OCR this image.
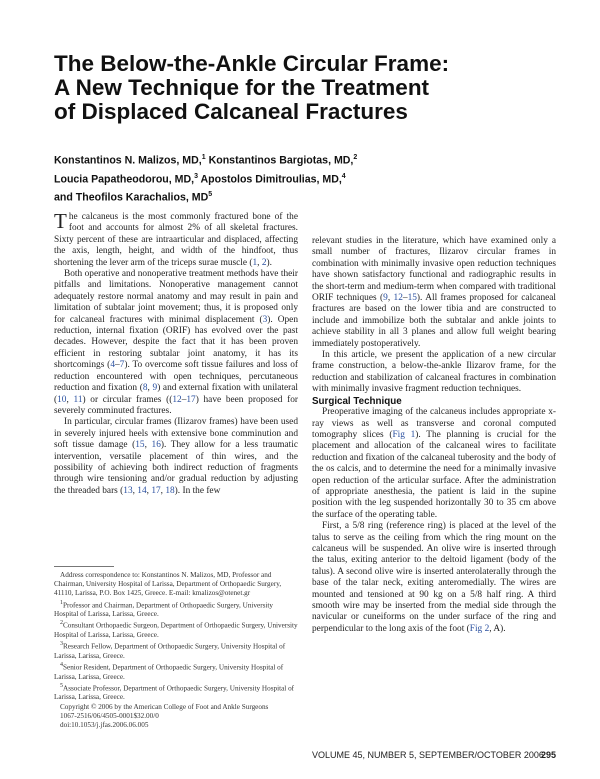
The Below-the-Ankle Circular Frame:
A New Technique for the Treatment
of Displaced Calcaneal Fractures
Konstantinos N. Malizos, MD,$^1$ Konstantinos Bargiotas, MD,$^2$
Loucia Papatheodorou, MD,$^3$ Apostolos Dimitroulias, MD,$^4$
and Theofilos Karachalios, $MD^5$

The calcaneus is the most commonly fractured bone of the foot and accounts for almost 2% of all skeletal fractures. Sixty percent of these are intraarticular and displaced, affecting the axis, length, height, and width of the hindfoot, thus shortening the lever arm of the triceps surae muscle (1, 2).

Both operative and nonoperative treatment methods have their pitfalls and limitations. Nonoperative management cannot adequately restore normal anatomy and may result in pain and limitation of subtalar joint movement; thus, it is proposed only for calcaneal fractures with minimal displacement (3). Open reduction, internal fixation (ORIF) has evolved over the past decades. However, despite the fact that it has been proven efficient in restoring subtalar joint anatomy, it has its shortcomings (4–7). To overcome soft tissue failures and loss of reduction encountered with open techniques, percutaneous reduction and fixation (8, 9) and external fixation with unilateral (10, 11) or circular frames ((12–17) have been proposed for severely comminuted fractures.

In particular, circular frames (Ilizarov frames) have been used in severely injured heels with extensive bone comminution and soft tissue damage (15, 16). They allow for a less traumatic intervention, versatile placement of thin wires, and the possibility of achieving both indirect reduction of fragments through wire tensioning and/or gradual reduction by adjusting the threaded bars (13, 14, 17, 18). In the few

Address correspondence to: Konstantinos N. Malizos, MD, Professor and Chairman, University Hospital of Larissa, Department of Orthopaedic Surgery, 41110, Larissa, P.O. Box 1425, Greece. E-mail: kmalizos@otenet.gr

$^1$Professor and Chairman, Department of Orthopaedic Surgery, University Hospital of Larissa, Larissa, Greece.

$^2$Consultant Orthopaedic Surgeon, Department of Orthopaedic Surgery, University Hospital of Larissa, Larissa, Greece.

$^3$Research Fellow, Department of Orthopaedic Surgery, University Hospital of Larissa, Larissa, Greece.

$^4$Senior Resident, Department of Orthopaedic Surgery, University Hospital of Larissa, Larissa, Greece.

$^5$Associate Professor, Department of Orthopaedic Surgery, University Hospital of Larissa, Larissa, Greece.

Copyright © 2006 by the American College of Foot and Ankle Surgeons

1067-2516/06/4505-0001$32.00/0

doi:10.1053/j.jfas.2006.06.005

relevant studies in the literature, which have examined only a small number of fractures, Ilizarov circular frames in combination with minimally invasive open reduction techniques have shown satisfactory functional and radiographic results in the short-term and medium-term when compared with traditional ORIF techniques (9, 12–15). All frames proposed for calcaneal fractures are based on the lower tibia and are constructed to include and immobilize both the subtalar and ankle joints to achieve stability in all 3 planes and allow full weight bearing immediately postoperatively.

In this article, we present the application of a new circular frame construction, a below-the-ankle Ilizarov frame, for the reduction and stabilization of calcaneal fractures in combination with minimally invasive fragment reduction techniques.

Surgical Technique

Preoperative imaging of the calcaneus includes appropriate x-ray views as well as transverse and coronal computed tomography slices (Fig 1). The planning is crucial for the placement and allocation of the calcaneal wires to facilitate reduction and fixation of the calcaneal tuberosity and the body of the os calcis, and to determine the need for a minimally invasive open reduction of the articular surface. After the administration of appropriate anesthesia, the patient is laid in the supine position with the leg suspended horizontally 30 to 35 cm above the surface of the operating table.

First, a 5/8 ring (reference ring) is placed at the level of the talus to serve as the ceiling from which the ring mount on the calcaneus will be suspended. An olive wire is inserted through the talus, exiting anterior to the deltoid ligament (body of the talus). A second olive wire is inserted anterolaterally through the base of the talar neck, exiting anteromedially. The wires are mounted and tensioned at 90 kg on a 5/8 half ring. A third smooth wire may be inserted from the medial side through the navicular or cuneiforms on the under surface of the ring and perpendicular to the long axis of the foot (Fig 2, A).

VOLUME 45, NUMBER 5, SEPTEMBER/OCTOBER 2006
295
